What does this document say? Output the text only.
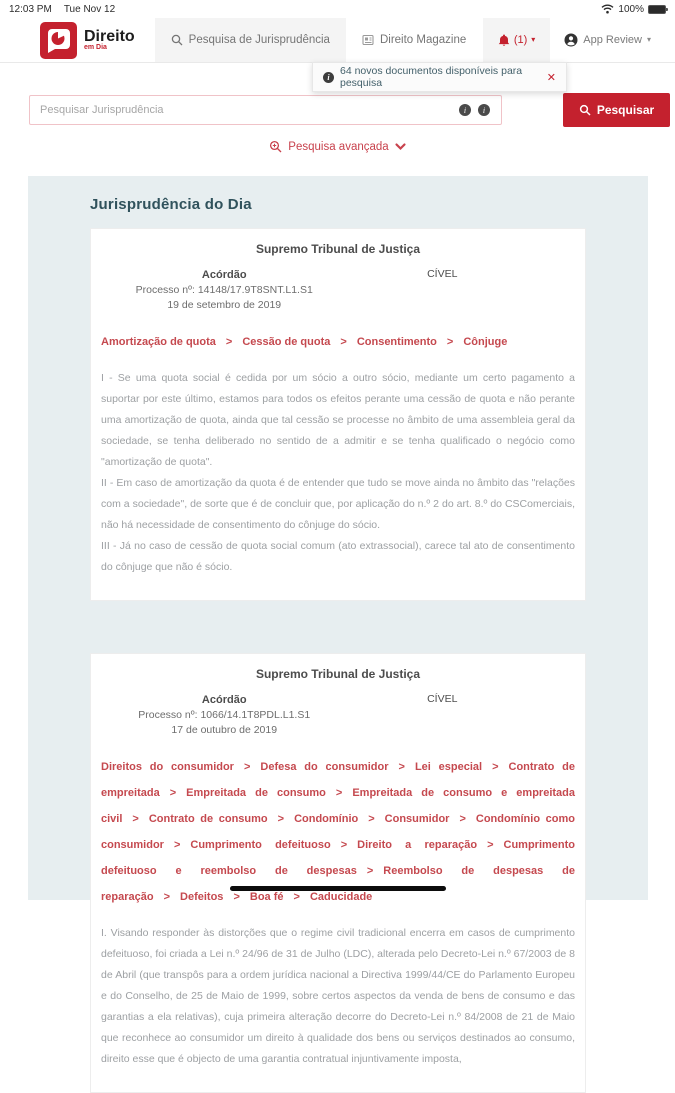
12:03 PM Tue Nov 12	100%
Direito
em Dia
Pesquisa de Jurisprudência	Direito Magazine	(1) ▾	App Review ▾
i 64 novos documentos disponíveis para pesquisa	✕
Pesquisar Jurisprudência
i	i	Pesquisar
Pesquisa avançada
Jurisprudência do Dia
Supremo Tribunal de Justiça
Acórdão
Processo nº: 14148/17.9T8SNT.L1.S1
19 de setembro de 2019
CÍVEL
Amortização de quota > Cessão de quota > Consentimento > Cônjuge

I - Se uma quota social é cedida por um sócio a outro sócio, mediante um certo pagamento a suportar por este último, estamos para todos os efeitos perante uma cessão de quota e não perante uma amortização de quota, ainda que tal cessão se processe no âmbito de uma assembleia geral da sociedade, se tenha deliberado no sentido de a admitir e se tenha qualificado o negócio como "amortização de quota".

II - Em caso de amortização da quota é de entender que tudo se move ainda no âmbito das "relações com a sociedade", de sorte que é de concluir que, por aplicação do n.º 2 do art. 8.º do CSComerciais, não há necessidade de consentimento do cônjuge do sócio.

III - Já no caso de cessão de quota social comum (ato extrassocial), carece tal ato de consentimento do cônjuge que não é sócio.

Supremo Tribunal de Justiça
Acórdão
Processo nº: 1066/14.1T8PDL.L1.S1
17 de outubro de 2019
CÍVEL
Direitos do consumidor > Defesa do consumidor > Lei especial > Contrato de empreitada > Empreitada de consumo > Empreitada de consumo e empreitada civil > Contrato de consumo > Condomínio > Consumidor > Condomínio como consumidor > Cumprimento defeituoso > Direito a reparação > Cumprimento defeituoso e reembolso de despesas > Reembolso de despesas de reparação > Defeitos > Boa fé > Caducidade

I. Visando responder às distorções que o regime civil tradicional encerra em casos de cumprimento defeituoso, foi criada a Lei n.º 24/96 de 31 de Julho (LDC), alterada pelo Decreto-Lei n.º 67/2003 de 8 de Abril (que transpôs para a ordem jurídica nacional a Directiva 1999/44/CE do Parlamento Europeu e do Conselho, de 25 de Maio de 1999, sobre certos aspectos da venda de bens de consumo e das garantias a ela relativas), cuja primeira alteração decorre do Decreto-Lei n.º 84/2008 de 21 de Maio que reconhece ao consumidor um direito à qualidade dos bens ou serviços destinados ao consumo, direito esse que é objecto de uma garantia contratual injuntivamente imposta,
